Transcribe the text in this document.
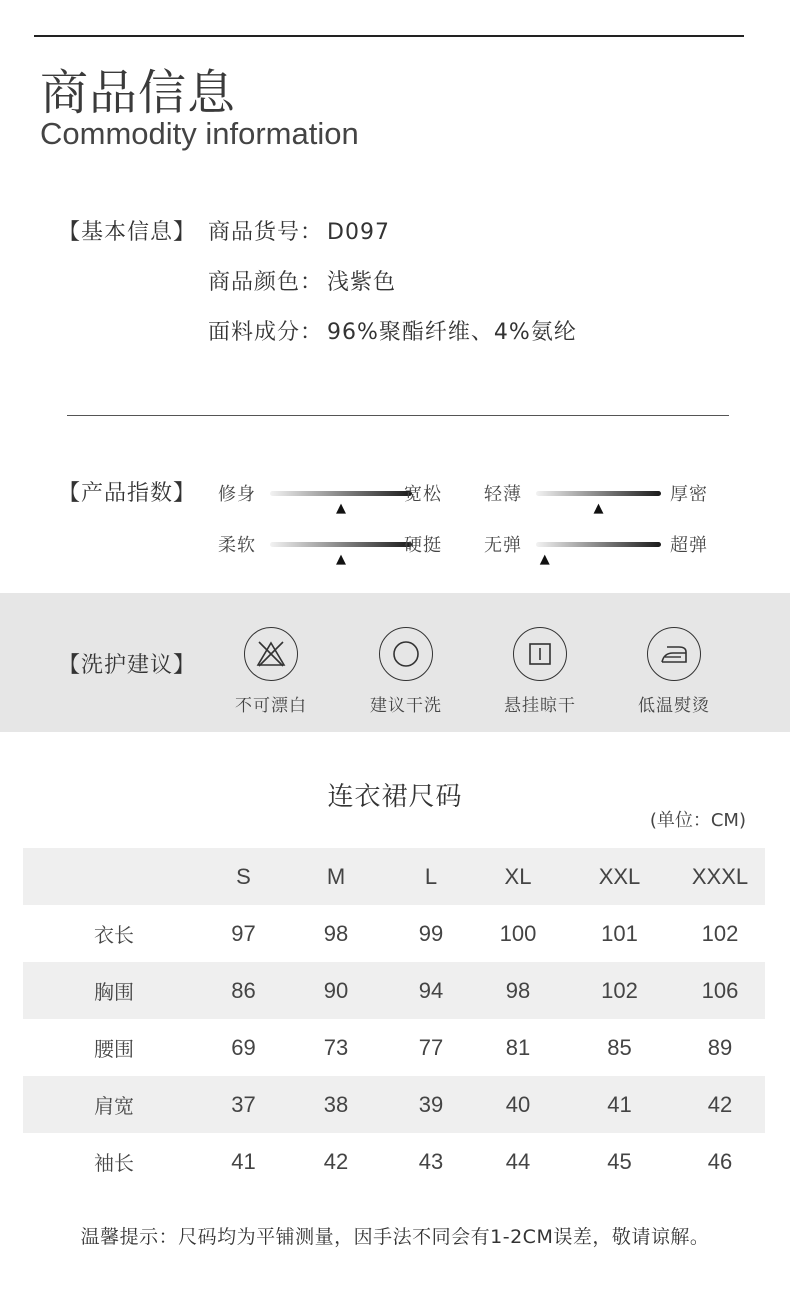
商品信息
Commodity information
【基本信息】 商品货号： D097
商品颜色： 浅紫色
面料成分： 96%聚酯纤维、4%氨纶
【产品指数】 修身
▲
宽松 轻薄
▲
厚密
柔软
▲
硬挺 无弹
▲
超弹
【洗护建议】
不可漂白	建议干洗	悬挂晾干	低温熨烫
连衣裙尺码
(单位：CM)
	S	M	L	XL	XXL	XXXL
衣长	97	98	99	100	101	102
胸围	86	90	94	98	102	106
腰围	69	73	77	81	85	89
肩宽	37	38	39	40	41	42
袖长	41	42	43	44	45	46
温馨提示：尺码均为平铺测量，因手法不同会有1-2CM误差，敬请谅解。
